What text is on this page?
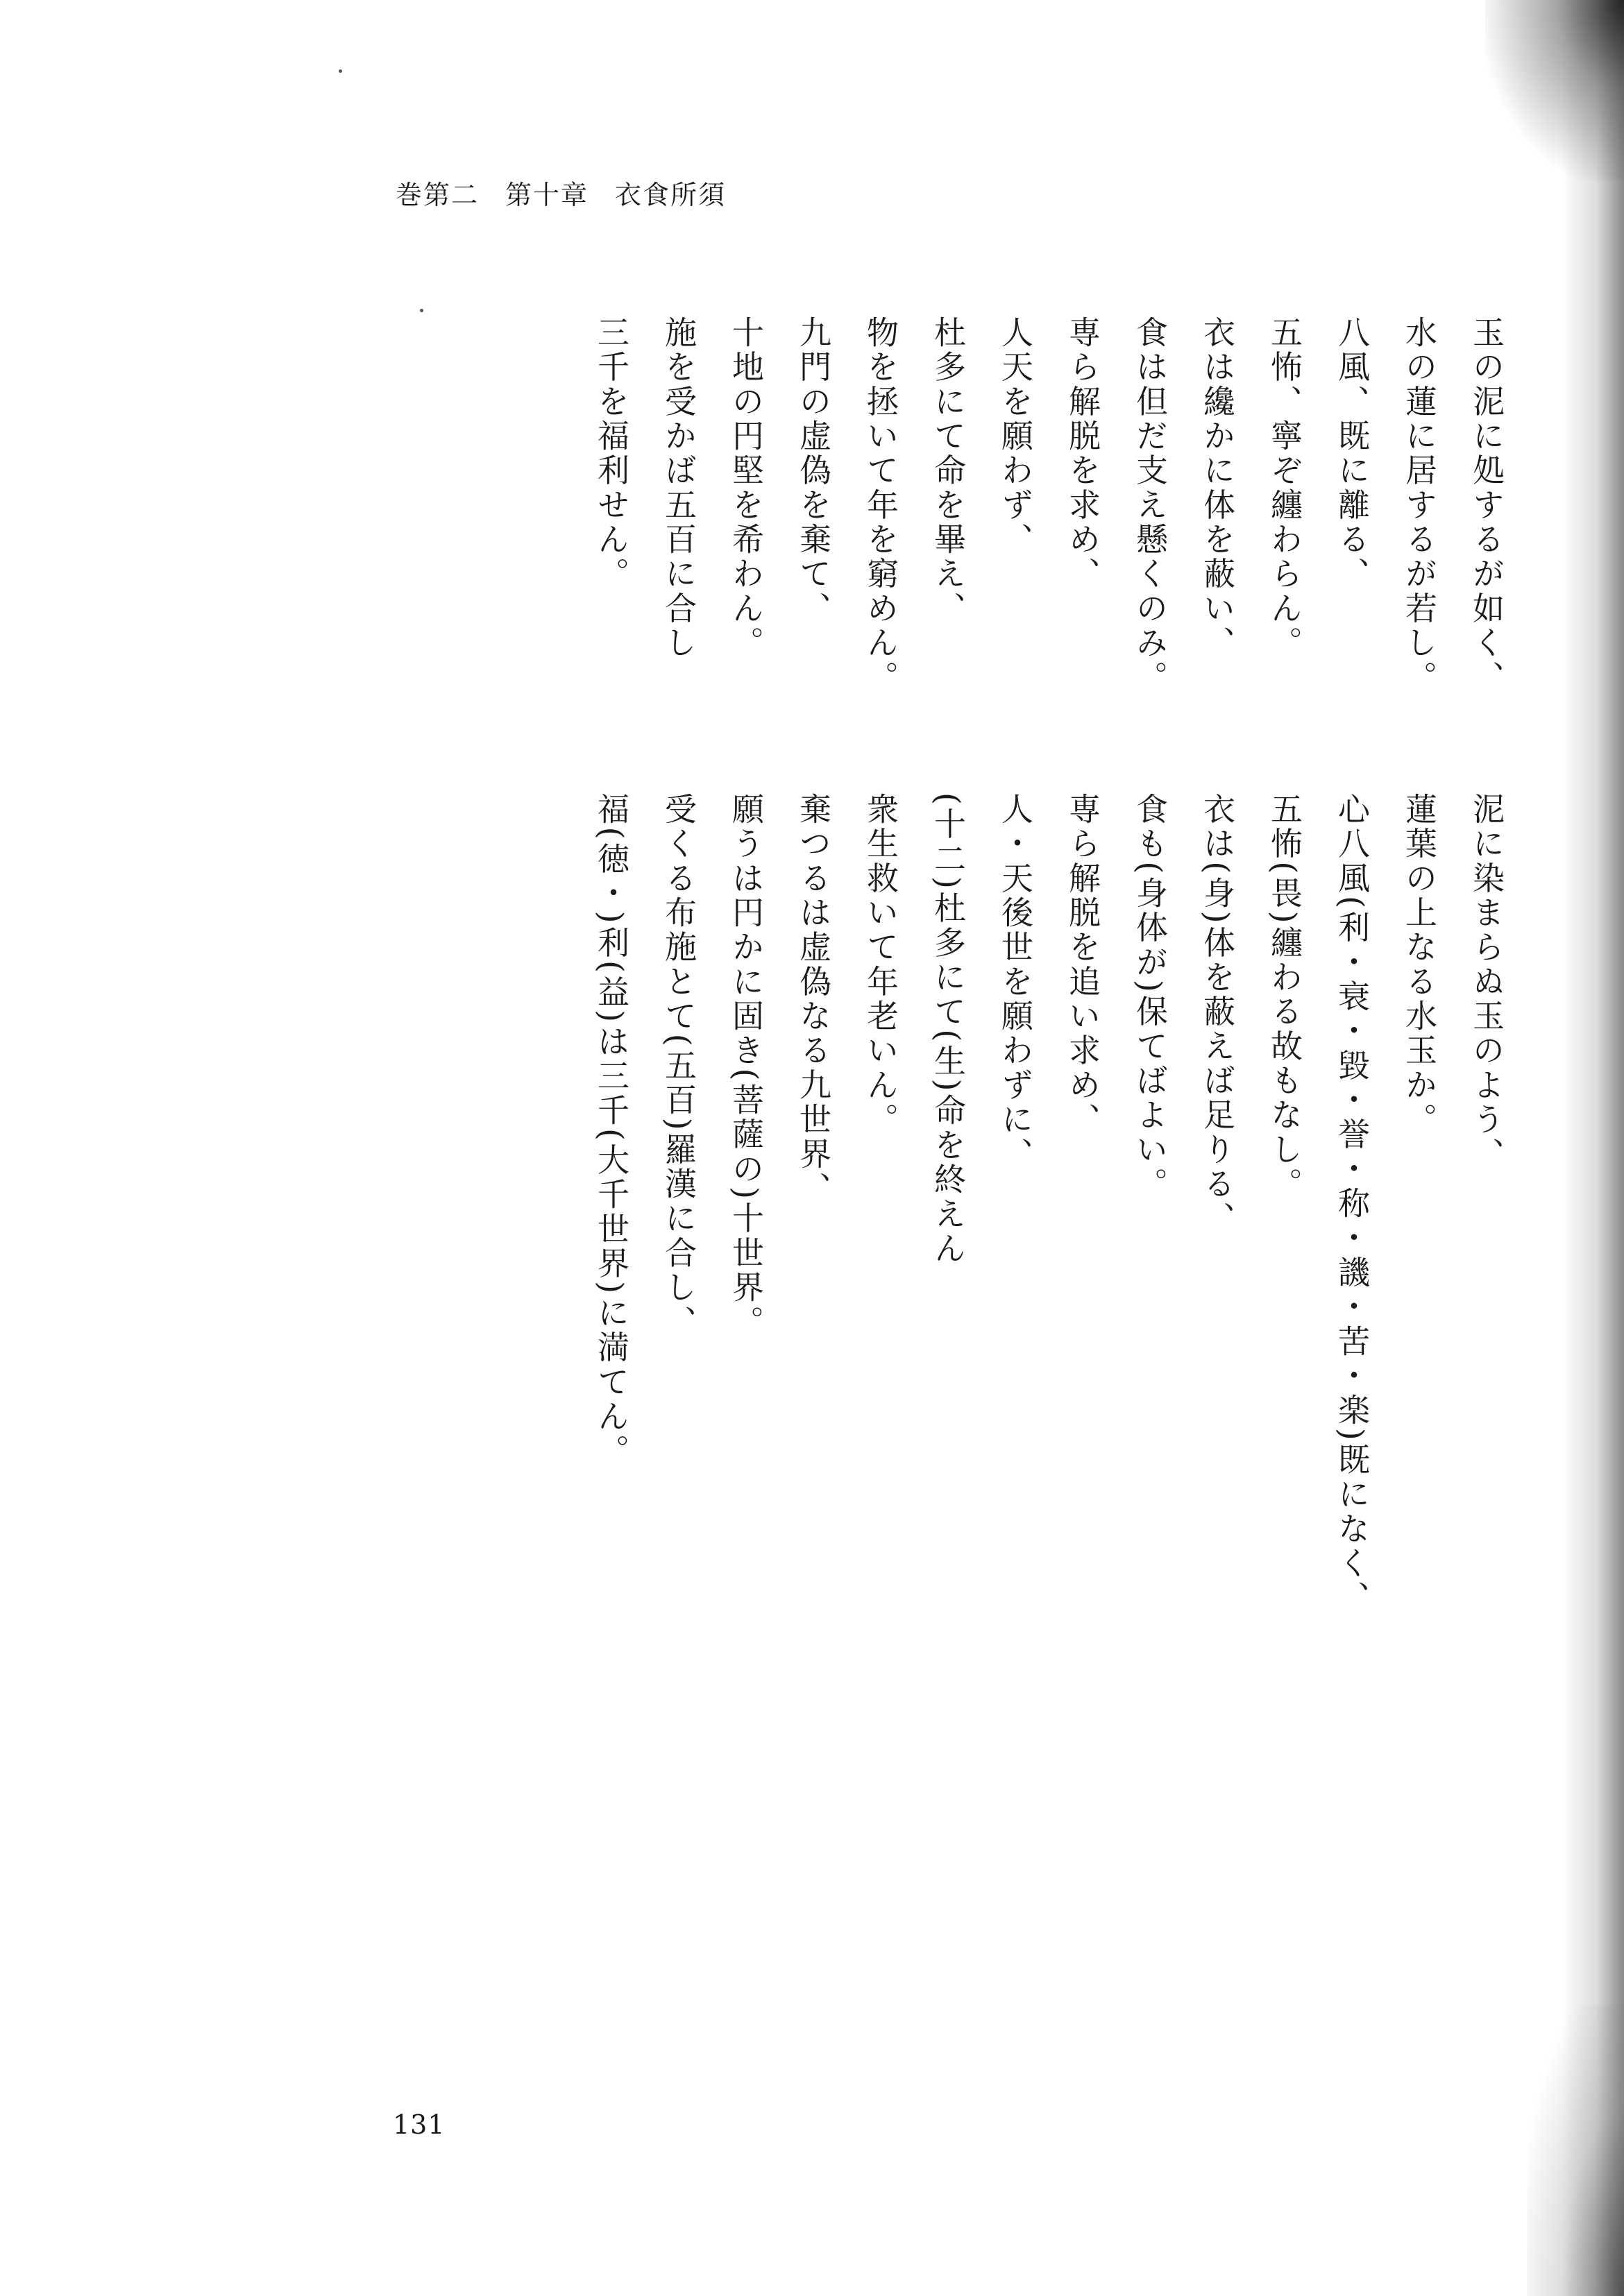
巻第二 第十章 衣食所須
玉の泥に処するが如く、
水の蓮に居するが若し。
八風、既に離る、
五怖、寧ぞ纏わらん。
衣は纔かに体を蔽い、
食は但だ支え懸くのみ。
専ら解脱を求め、
人天を願わず、
杜多にて命を畢え、
物を拯いて年を窮めん。
九門の虚偽を棄て、
十地の円堅を希わん。
施を受かば五百に合し
三千を福利せん。
泥に染まらぬ玉のよう、
蓮葉の上なる水玉か。
心八風(利・衰・毀・誉・称・譏・苦・楽)既になく、
五怖(畏)纏わる故もなし。
衣は(身)体を蔽えば足りる、
食も(身体が)保てばよい。
専ら解脱を追い求め、
人・天後世を願わずに、
(十二)杜多にて(生)命を終えん
衆生救いて年老いん。
棄つるは虚偽なる九世界、
願うは円かに固き(菩薩の)十世界。
受くる布施とて(五百)羅漢に合し、
福(徳・)利(益)は三千(大千世界)に満てん。
131
